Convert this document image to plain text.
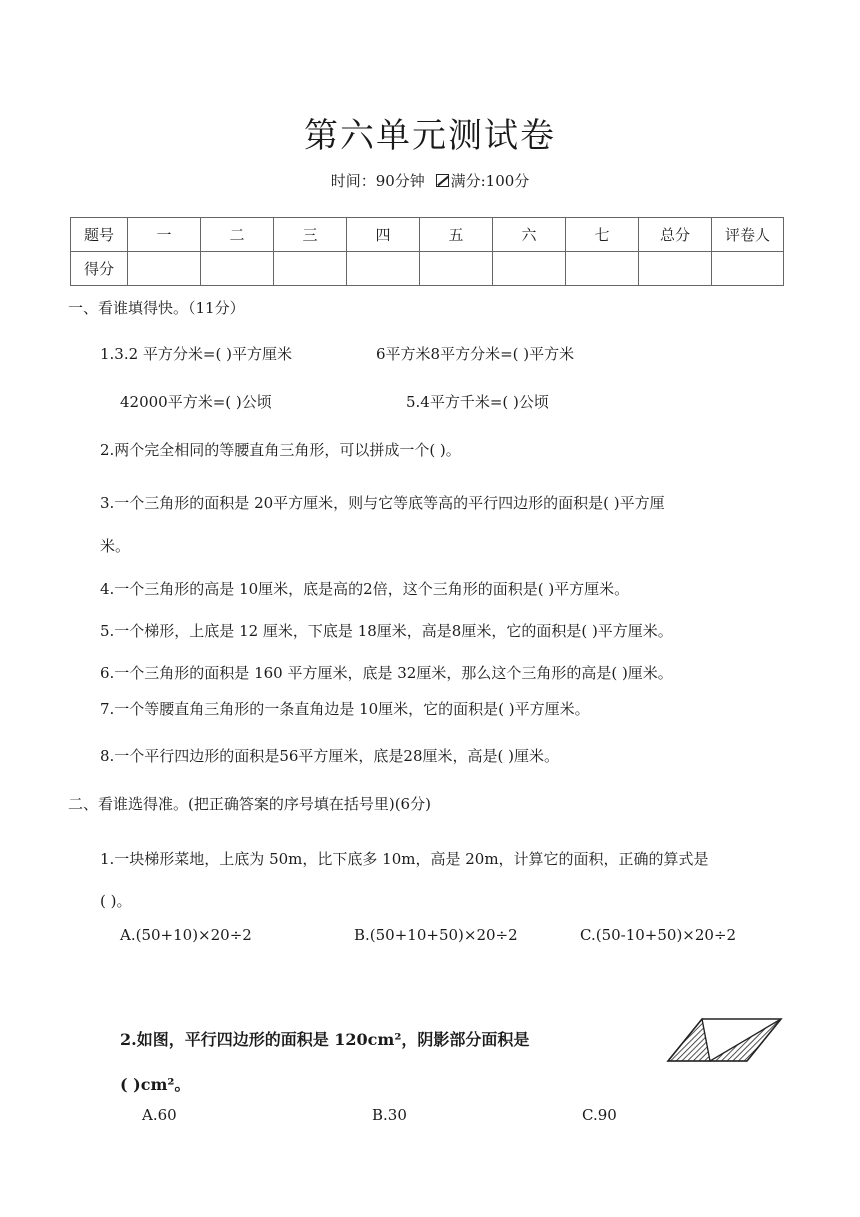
第六单元测试卷
时间：90分钟 满分:100分
题号	一	二	三	四	五	六	七	总分	评卷人
得分									
一、看谁填得快。（11分）
1.3.2 平方分米=( )平方厘米	6平方米8平方分米=( )平方米
42000平方米=( )公顷	5.4平方千米=( )公顷
2.两个完全相同的等腰直角三角形，可以拼成一个( )。
3.一个三角形的面积是 20平方厘米，则与它等底等高的平行四边形的面积是( )平方厘
米。
4.一个三角形的高是 10厘米，底是高的2倍，这个三角形的面积是( )平方厘米。
5.一个梯形，上底是 12 厘米，下底是 18厘米，高是8厘米，它的面积是( )平方厘米。
6.一个三角形的面积是 160 平方厘米，底是 32厘米，那么这个三角形的高是( )厘米。
7.一个等腰直角三角形的一条直角边是 10厘米，它的面积是( )平方厘米。
8.一个平行四边形的面积是56平方厘米，底是28厘米，高是( )厘米。
二、看谁选得准。(把正确答案的序号填在括号里)(6分)
1.一块梯形菜地，上底为 50m，比下底多 10m，高是 20m，计算它的面积，正确的算式是
( )。
A.(50+10)×20÷2	B.(50+10+50)×20÷2	C.(50-10+50)×20÷2
2.如图，平行四边形的面积是 120cm²，阴影部分面积是
( )cm²。
A.60	B.30	C.90
